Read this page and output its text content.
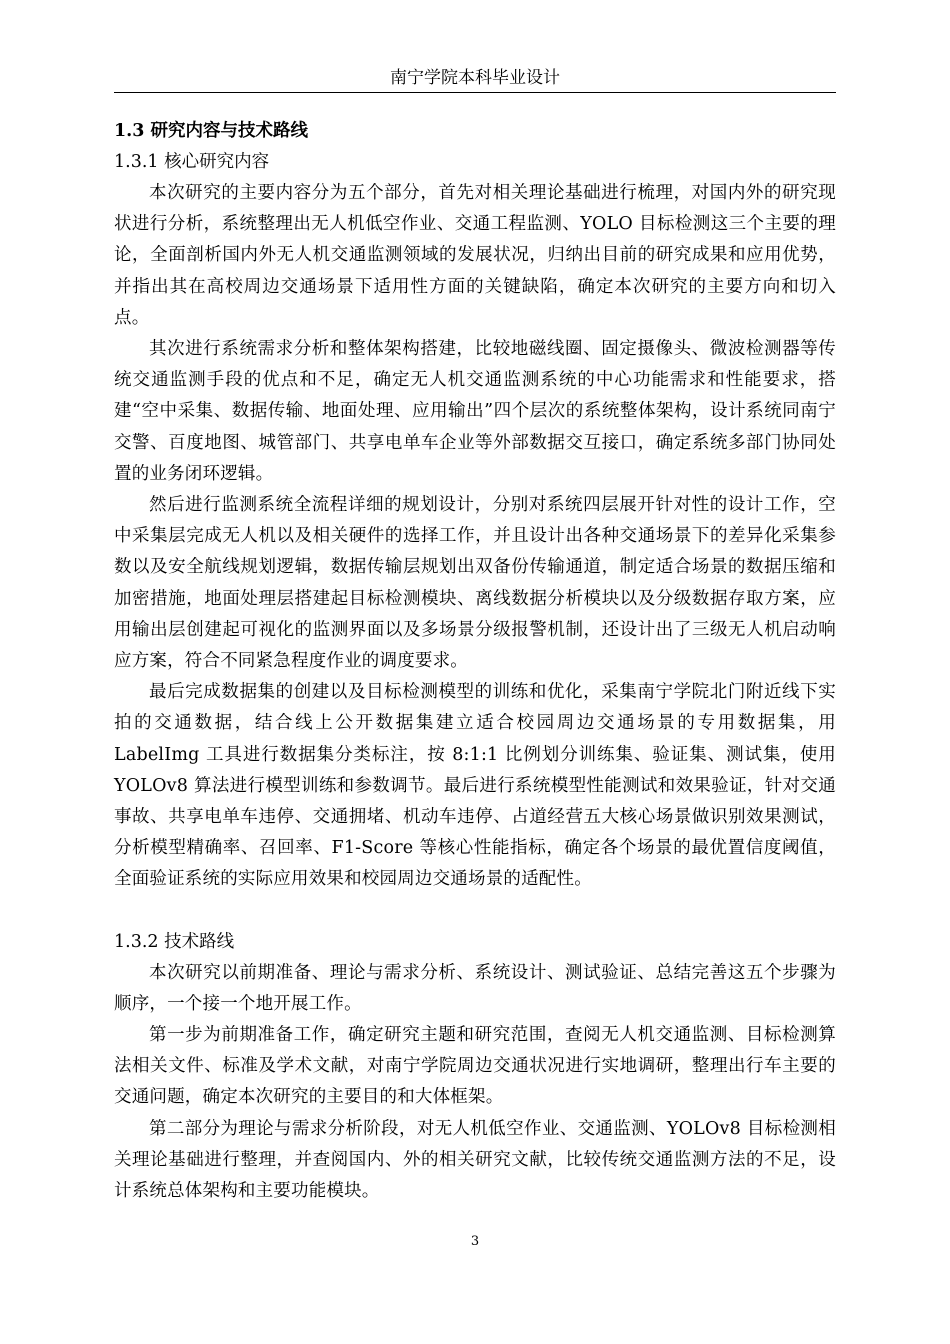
南宁学院本科毕业设计

1.3 研究内容与技术路线

1.3.1 核心研究内容

本次研究的主要内容分为五个部分，首先对相关理论基础进行梳理，对国内外的研究现状进行分析，系统整理出无人机低空作业、交通工程监测、YOLO 目标检测这三个主要的理论，全面剖析国内外无人机交通监测领域的发展状况，归纳出目前的研究成果和应用优势，并指出其在高校周边交通场景下适用性方面的关键缺陷，确定本次研究的主要方向和切入点。

其次进行系统需求分析和整体架构搭建，比较地磁线圈、固定摄像头、微波检测器等传统交通监测手段的优点和不足，确定无人机交通监测系统的中心功能需求和性能要求，搭建“空中采集、数据传输、地面处理、应用输出”四个层次的系统整体架构，设计系统同南宁交警、百度地图、城管部门、共享电单车企业等外部数据交互接口，确定系统多部门协同处置的业务闭环逻辑。

然后进行监测系统全流程详细的规划设计，分别对系统四层展开针对性的设计工作，空中采集层完成无人机以及相关硬件的选择工作，并且设计出各种交通场景下的差异化采集参数以及安全航线规划逻辑，数据传输层规划出双备份传输通道，制定适合场景的数据压缩和加密措施，地面处理层搭建起目标检测模块、离线数据分析模块以及分级数据存取方案，应用输出层创建起可视化的监测界面以及多场景分级报警机制，还设计出了三级无人机启动响应方案，符合不同紧急程度作业的调度要求。

最后完成数据集的创建以及目标检测模型的训练和优化，采集南宁学院北门附近线下实拍的交通数据，结合线上公开数据集建立适合校园周边交通场景的专用数据集，用 LabelImg 工具进行数据集分类标注，按 8:1:1 比例划分训练集、验证集、测试集，使用 YOLOv8 算法进行模型训练和参数调节。最后进行系统模型性能测试和效果验证，针对交通事故、共享电单车违停、交通拥堵、机动车违停、占道经营五大核心场景做识别效果测试，分析模型精确率、召回率、F1-Score 等核心性能指标，确定各个场景的最优置信度阈值，全面验证系统的实际应用效果和校园周边交通场景的适配性。

1.3.2 技术路线

本次研究以前期准备、理论与需求分析、系统设计、测试验证、总结完善这五个步骤为顺序，一个接一个地开展工作。

第一步为前期准备工作，确定研究主题和研究范围，查阅无人机交通监测、目标检测算法相关文件、标准及学术文献，对南宁学院周边交通状况进行实地调研，整理出行车主要的交通问题，确定本次研究的主要目的和大体框架。

第二部分为理论与需求分析阶段，对无人机低空作业、交通监测、YOLOv8 目标检测相关理论基础进行整理，并查阅国内、外的相关研究文献，比较传统交通监测方法的不足，设计系统总体架构和主要功能模块。

3
